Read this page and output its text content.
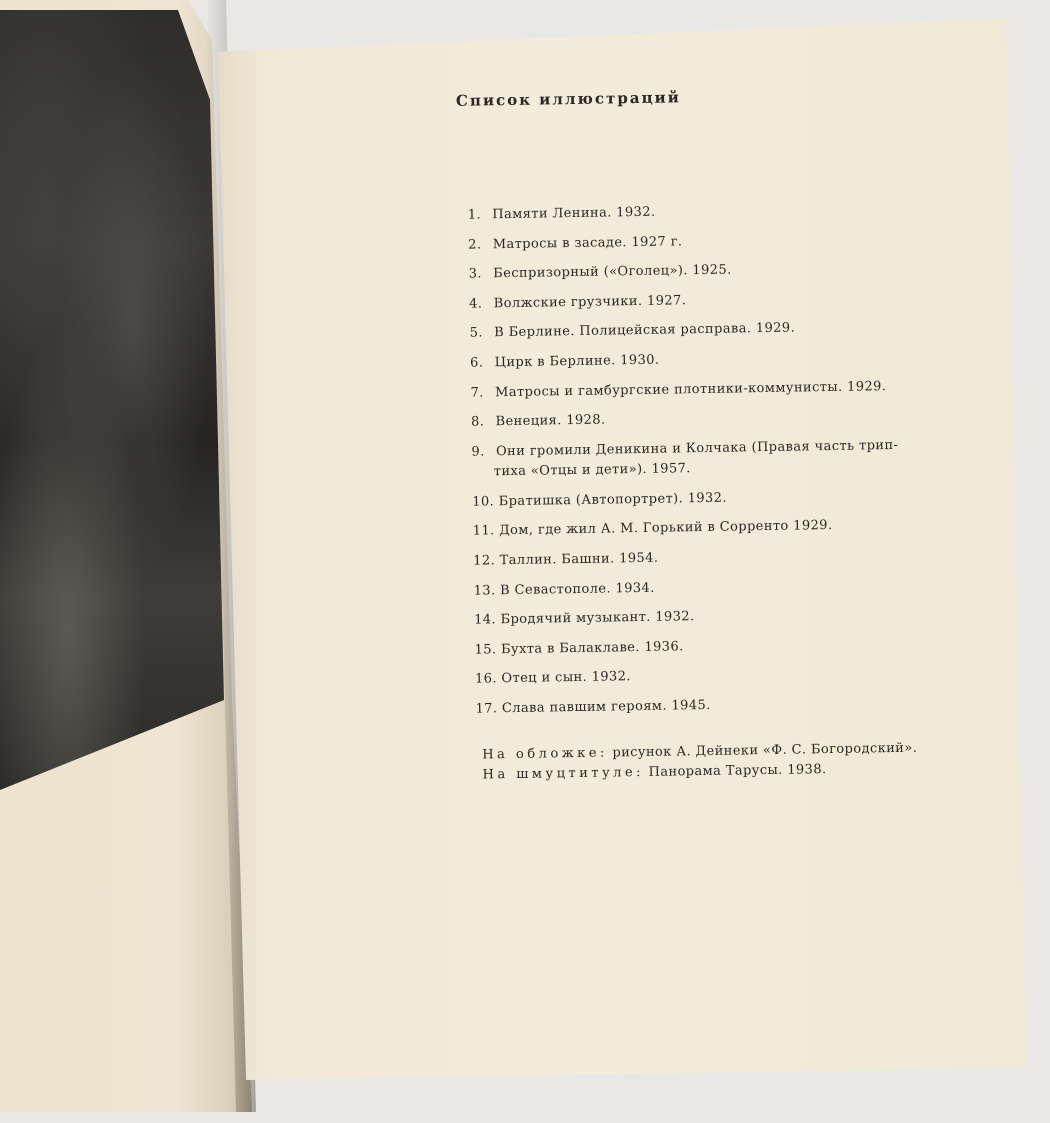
Список иллюстраций
1. Памяти Ленина. 1932.
2. Матросы в засаде. 1927 г.
3. Беспризорный («Оголец»). 1925.
4. Волжские грузчики. 1927.
5. В Берлине. Полицейская расправа. 1929.
6. Цирк в Берлине. 1930.
7. Матросы и гамбургские плотники-коммунисты. 1929.
8. Венеция. 1928.
9. Они громили Деникина и Колчака (Правая часть трип-
тиха «Отцы и дети»). 1957.
10. Братишка (Автопортрет). 1932.
11. Дом, где жил А. М. Горький в Сорренто 1929.
12. Таллин. Башни. 1954.
13. В Севастополе. 1934.
14. Бродячий музыкант. 1932.
15. Бухта в Балаклаве. 1936.
16. Отец и сын. 1932.
17. Слава павшим героям. 1945.
На обложке: рисунок А. Дейнеки «Ф. С. Богородский».
На шмуцтитуле: Панорама Тарусы. 1938.
